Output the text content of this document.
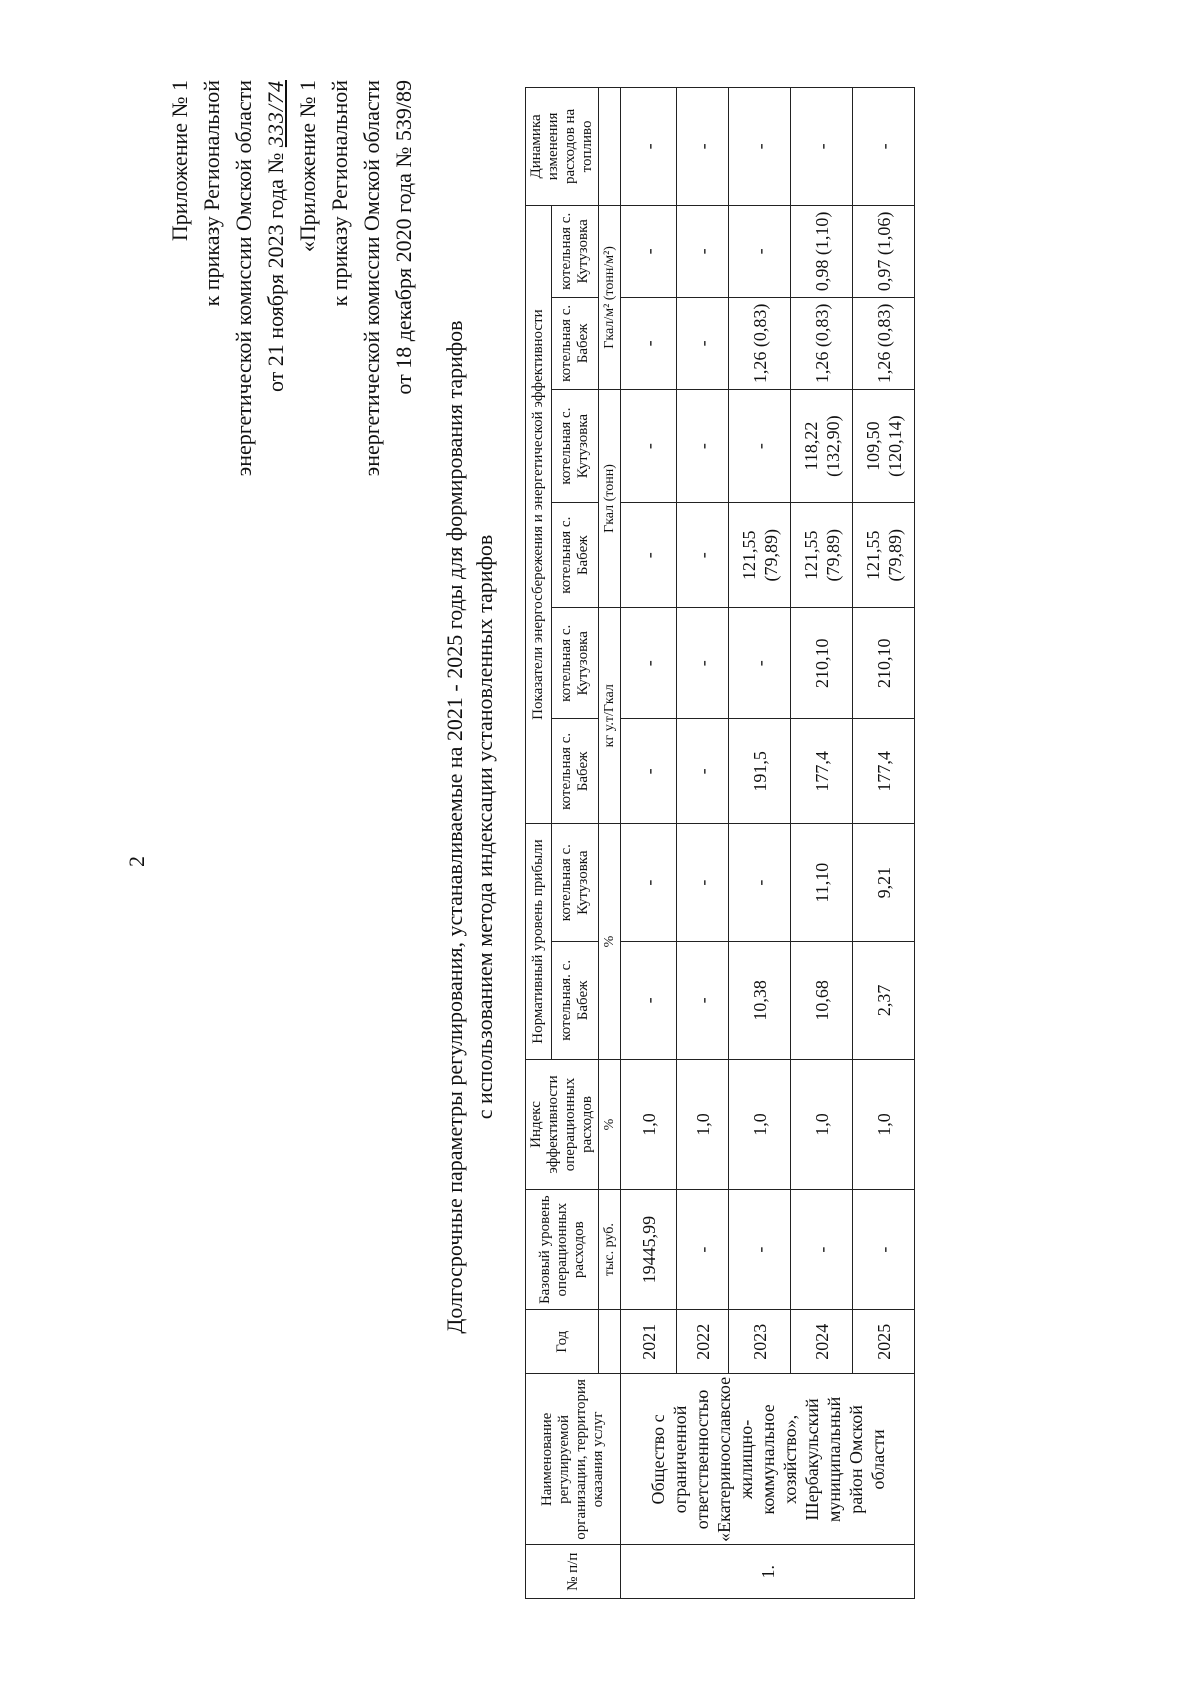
2
Приложение № 1 к приказу Региональной энергетической комиссии Омской области от 21 ноября 2023 года № 333/74 «Приложение № 1 к приказу Региональной энергетической комиссии Омской области от 18 декабря 2020 года № 539/89
Долгосрочные параметры регулирования, устанавливаемые на 2021 - 2025 годы для формирования тарифов с использованием метода индексации установленных тарифов
№ п/п	Наименование регулируемой организации, территория оказания услуг	Год	Базовый уровень операционных расходов	Индекс эффективности операционных расходов	Нормативный уровень прибыли		Показатели энергосбережения и энергетической эффективности						Динамика изменения расходов на топливо
					котельная. с. Бабеж	котельная с. Кутузовка	котельная с. Бабеж	котельная с. Кутузовка	котельная с. Бабеж	котельная с. Кутузовка	котельная с. Бабеж	котельная с. Кутузовка	
			тыс. руб.	%	%		кг у.т/Гкал		Гкал (тонн)		Гкал/м² (тонн/м²)		
1.	Общество с ограниченной ответственностью «Екатериноославское жилищно-коммунальное хозяйство», Шербакульский муниципальный район Омской области	2021	19445,99	1,0	-	-	-	-	-	-	-	-	-
		2022	-	1,0	-	-	-	-	-	-	-	-	-
		2023	-	1,0	10,38	-	191,5	-	121,55 (79,89)	-	1,26 (0,83)	-	-
		2024	-	1,0	10,68	11,10	177,4	210,10	121,55 (79,89)	118,22 (132,90)	1,26 (0,83)	0,98 (1,10)	-
		2025	-	1,0	2,37	9,21	177,4	210,10	121,55 (79,89)	109,50 (120,14)	1,26 (0,83)	0,97 (1,06)	-
